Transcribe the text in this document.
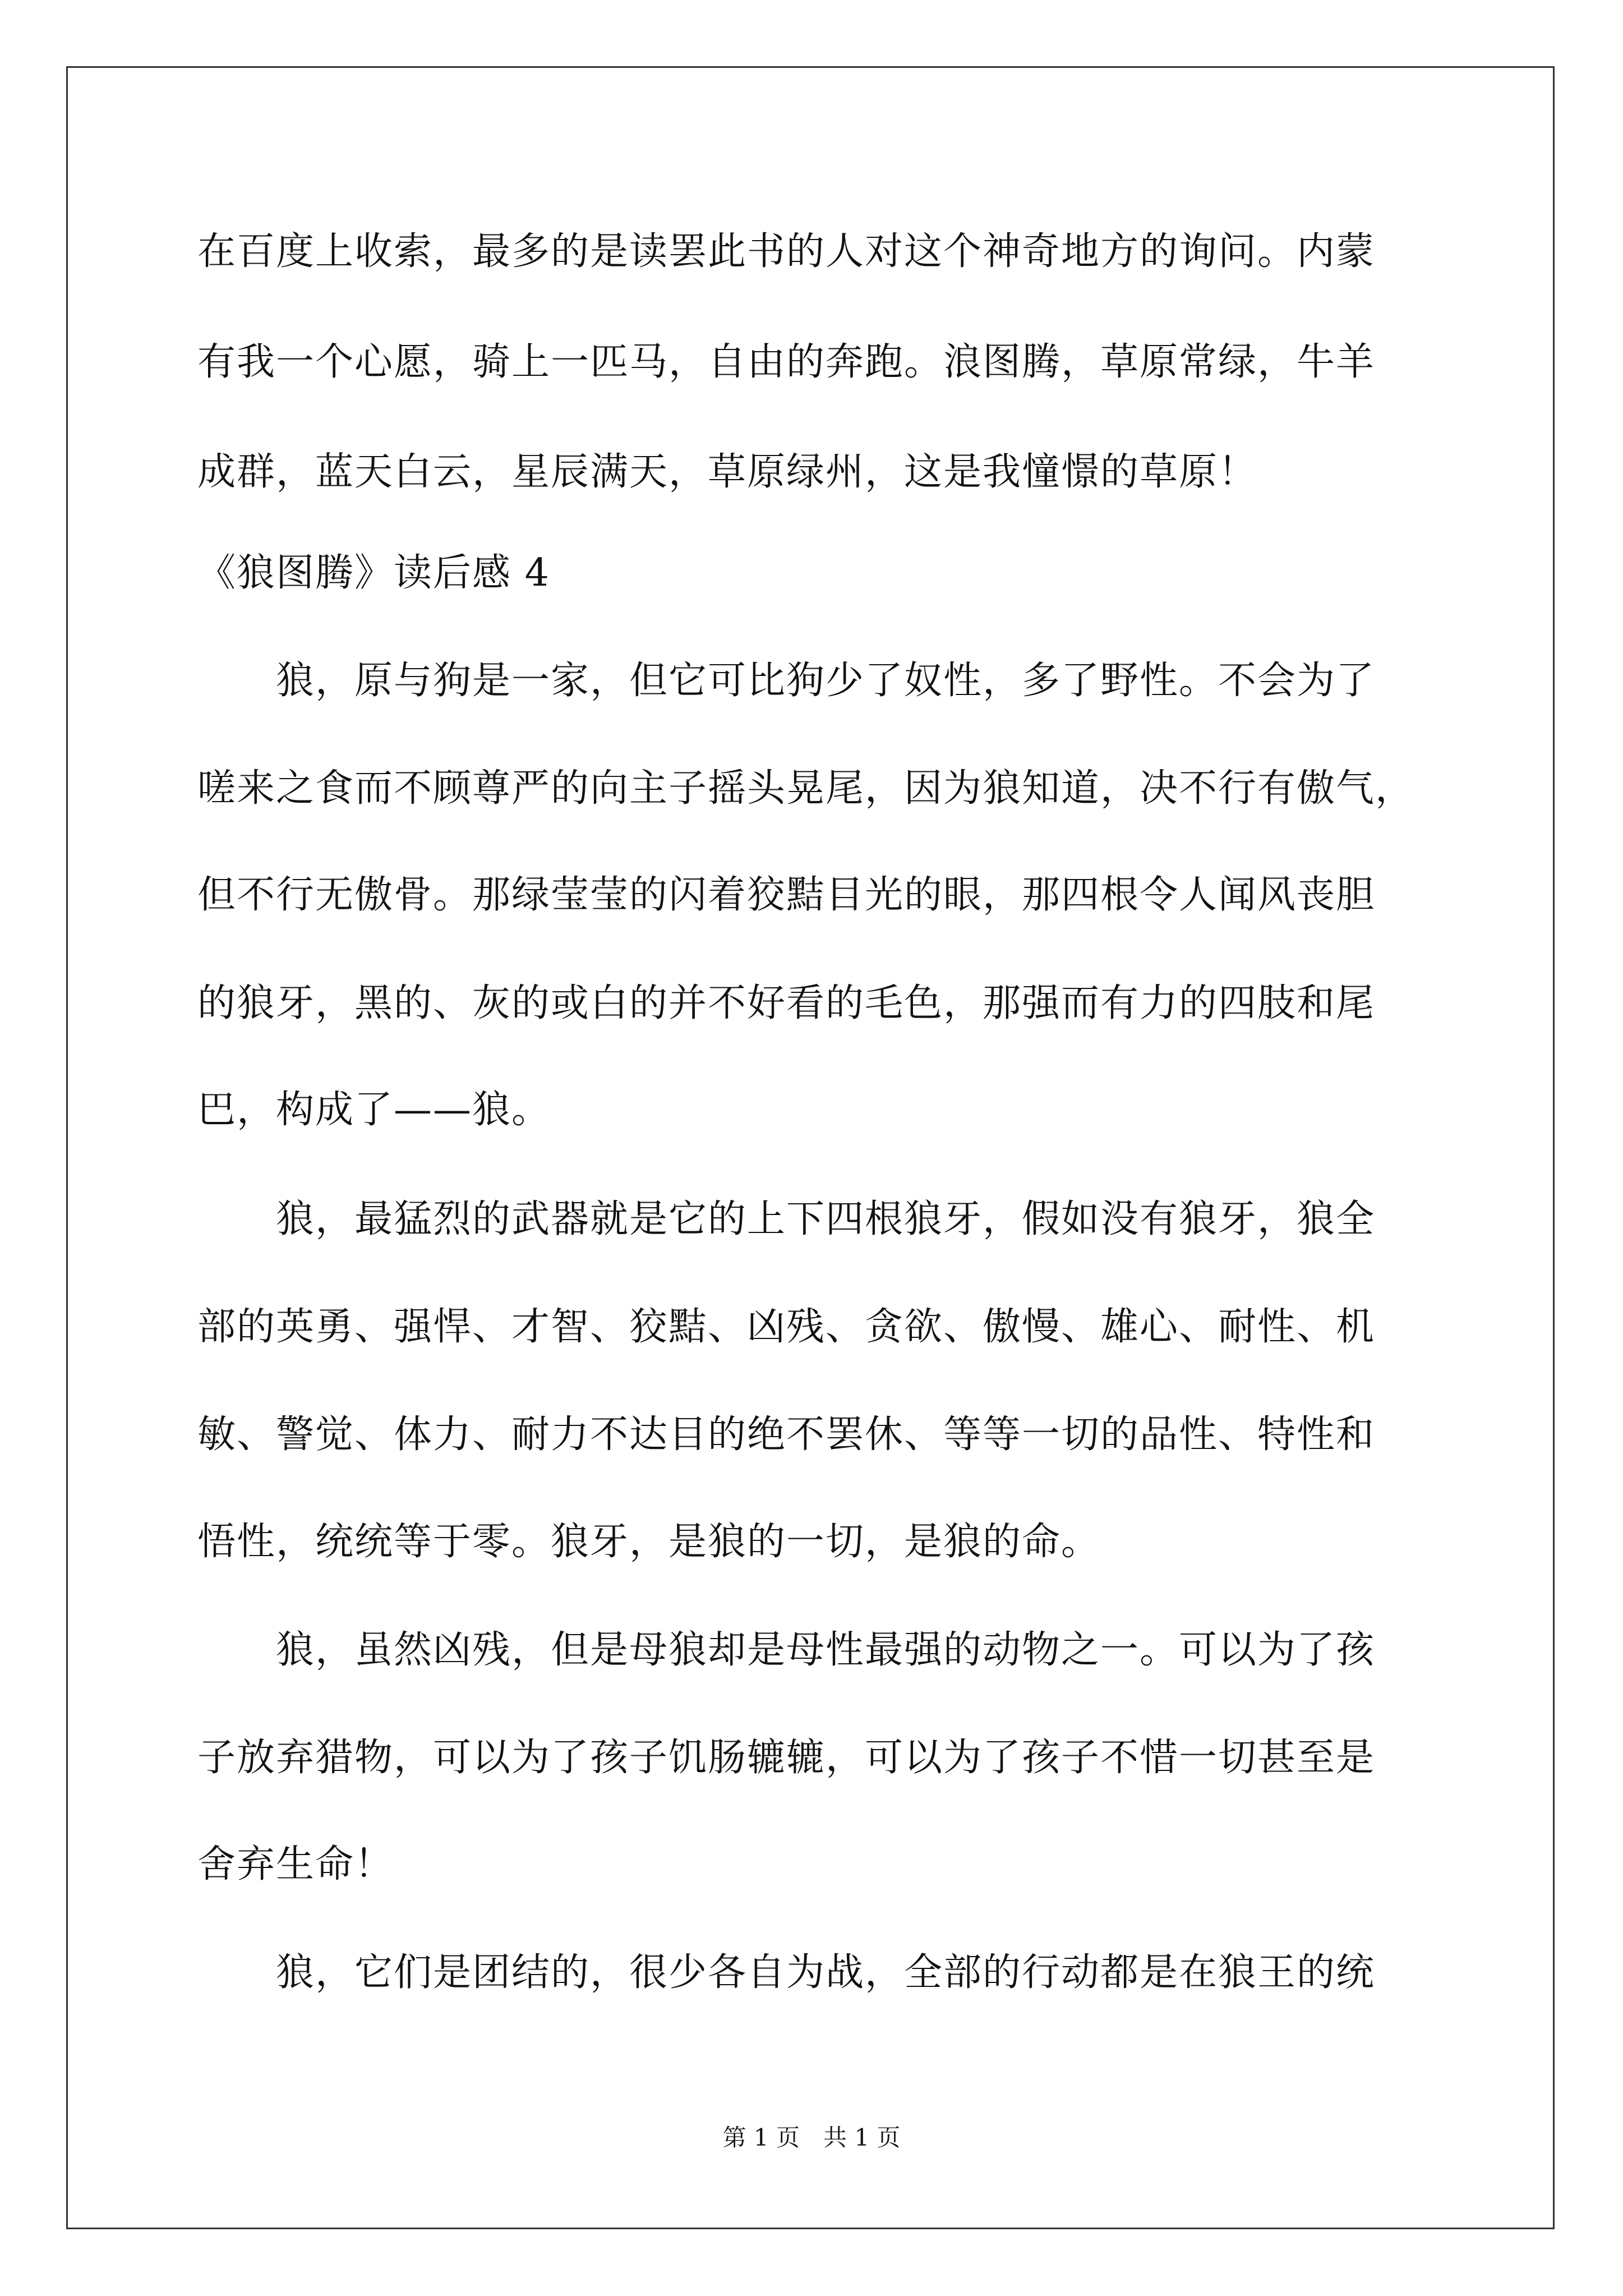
在百度上收索，最多的是读罢此书的人对这个神奇地方的询问。内蒙
有我一个心愿，骑上一匹马，自由的奔跑。浪图腾，草原常绿，牛羊
成群，蓝天白云，星辰满天，草原绿州，这是我憧憬的草原！
《狼图腾》读后感 4
狼，原与狗是一家，但它可比狗少了奴性，多了野性。不会为了
嗟来之食而不顾尊严的向主子摇头晃尾，因为狼知道，决不行有傲气，
但不行无傲骨。那绿莹莹的闪着狡黠目光的眼，那四根令人闻风丧胆
的狼牙，黑的、灰的或白的并不好看的毛色，那强而有力的四肢和尾
巴，构成了——狼。
狼，最猛烈的武器就是它的上下四根狼牙，假如没有狼牙，狼全
部的英勇、强悍、才智、狡黠、凶残、贪欲、傲慢、雄心、耐性、机
敏、警觉、体力、耐力不达目的绝不罢休、等等一切的品性、特性和
悟性，统统等于零。狼牙，是狼的一切，是狼的命。
狼，虽然凶残，但是母狼却是母性最强的动物之一。可以为了孩
子放弃猎物，可以为了孩子饥肠辘辘，可以为了孩子不惜一切甚至是
舍弃生命！
狼，它们是团结的，很少各自为战，全部的行动都是在狼王的统
第 1 页　共 1 页
